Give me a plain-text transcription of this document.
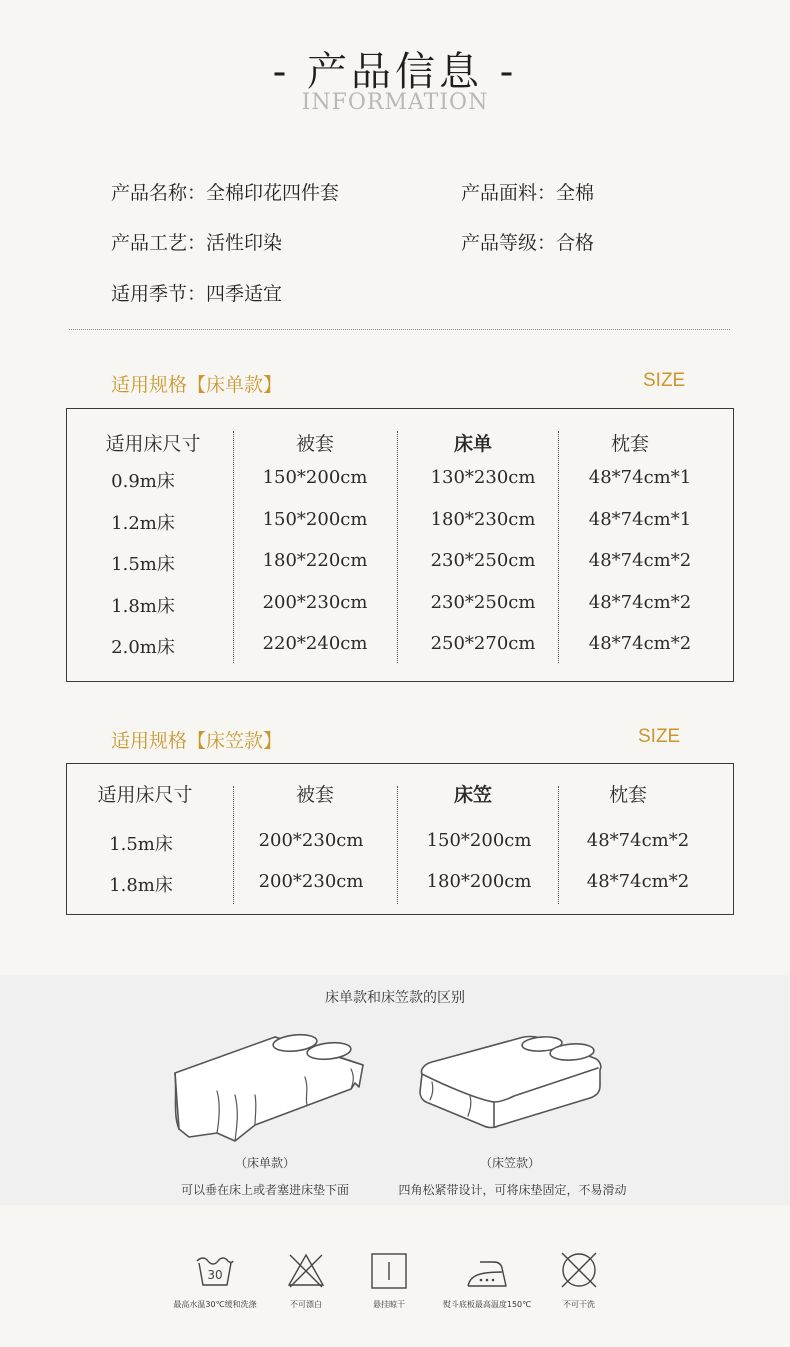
- 产品信息 -
INFORMATION
产品名称：全棉印花四件套	产品面料：全棉
产品工艺：活性印染	产品等级：合格
适用季节：四季适宜
适用规格【床单款】	SIZE
适用床尺寸	被套	床单	枕套
0.9m床	150*200cm	130*230cm	48*74cm*1
1.2m床	150*200cm	180*230cm	48*74cm*1
1.5m床	180*220cm	230*250cm	48*74cm*2
1.8m床	200*230cm	230*250cm	48*74cm*2
2.0m床	220*240cm	250*270cm	48*74cm*2
适用规格【床笠款】	SIZE
适用床尺寸	被套	床笠	枕套
1.5m床	200*230cm	150*200cm	48*74cm*2
1.8m床	200*230cm	180*200cm	48*74cm*2
床单款和床笠款的区别
（床单款）
可以垂在床上或者塞进床垫下面
（床笠款）
四角松紧带设计，可将床垫固定，不易滑动
30
最高水温30℃缓和洗涤	不可漂白	悬挂晾干	熨斗底板最高温度150℃	不可干洗
